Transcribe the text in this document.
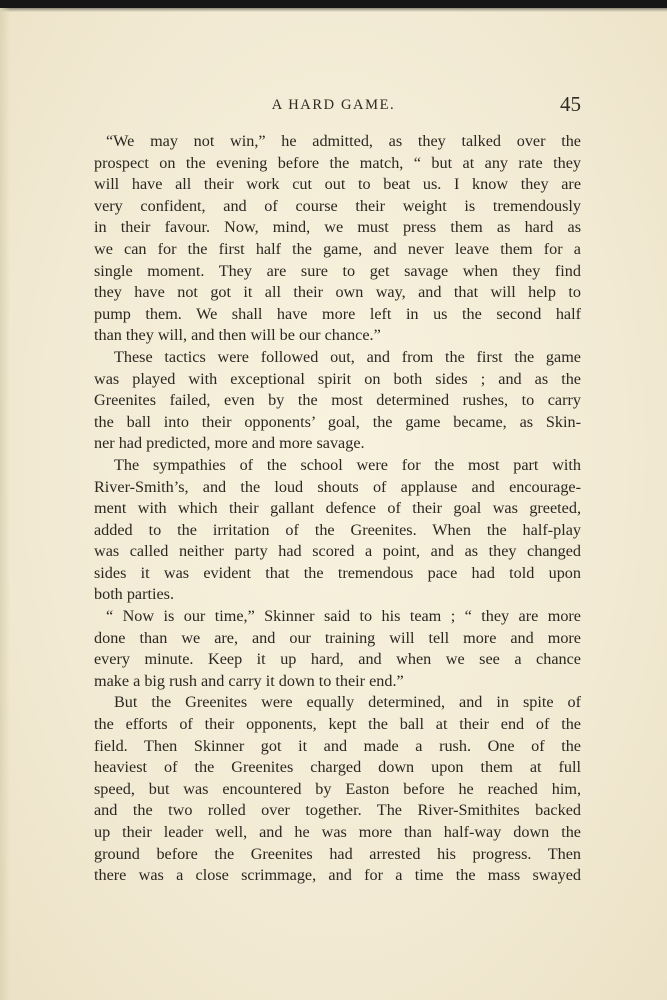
A HARD GAME.	45
“We may not win,” he admitted, as they talked over the
prospect on the evening before the match, “ but at any rate they
will have all their work cut out to beat us. I know they are
very confident, and of course their weight is tremendously
in their favour. Now, mind, we must press them as hard as
we can for the first half the game, and never leave them for a
single moment. They are sure to get savage when they find
they have not got it all their own way, and that will help to
pump them. We shall have more left in us the second half
than they will, and then will be our chance.”
These tactics were followed out, and from the first the game
was played with exceptional spirit on both sides ; and as the
Greenites failed, even by the most determined rushes, to carry
the ball into their opponents’ goal, the game became, as Skin-
ner had predicted, more and more savage.
The sympathies of the school were for the most part with
River-Smith’s, and the loud shouts of applause and encourage-
ment with which their gallant defence of their goal was greeted,
added to the irritation of the Greenites. When the half-play
was called neither party had scored a point, and as they changed
sides it was evident that the tremendous pace had told upon
both parties.
“ Now is our time,” Skinner said to his team ; “ they are more
done than we are, and our training will tell more and more
every minute. Keep it up hard, and when we see a chance
make a big rush and carry it down to their end.”
But the Greenites were equally determined, and in spite of
the efforts of their opponents, kept the ball at their end of the
field. Then Skinner got it and made a rush. One of the
heaviest of the Greenites charged down upon them at full
speed, but was encountered by Easton before he reached him,
and the two rolled over together. The River-Smithites backed
up their leader well, and he was more than half-way down the
ground before the Greenites had arrested his progress. Then
there was a close scrimmage, and for a time the mass swayed
